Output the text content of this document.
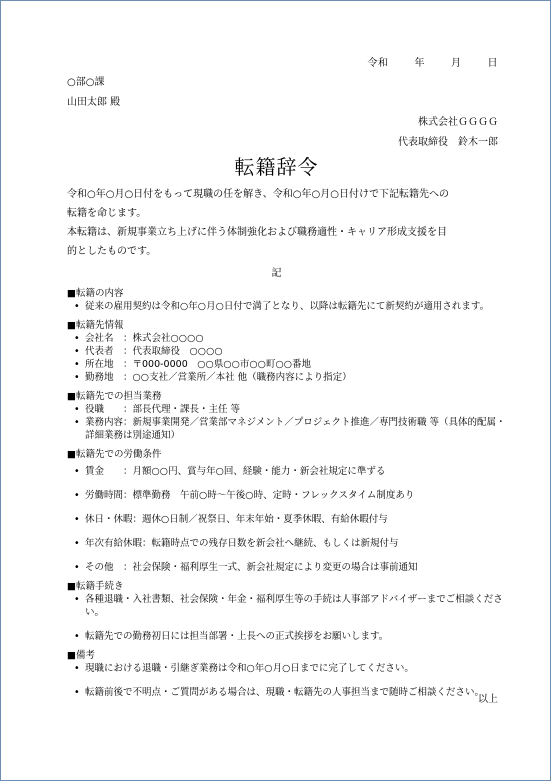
令和	年	月	日
○部○課
山田太郎 殿
株式会社ＧＧＧＧ
代表取締役　鈴木一郎
転籍辞令

令和○年○月○日付をもって現職の任を解き、令和○年○月○日付けで下記転籍先への

転籍を命じます。

本転籍は、新規事業立ち上げに伴う体制強化および職務適性・キャリア形成支援を目

的としたものです。

記

■転籍の内容

• 従来の雇用契約は令和○年○月○日付で満了となり、以降は転籍先にて新契約が適用されます。

■転籍先情報

• 会社名　：株式会社○○○○
• 代表者　：代表取締役　○○○○
• 所在地　：〒000-0000　○○県○○市○○町○○番地
• 勤務地　：○○支社／営業所／本社 他（職務内容により指定）

■転籍先での担当業務

• 役職　　：部長代理・課長・主任 等
• 業務内容：新規事業開発／営業部マネジメント／プロジェクト推進／専門技術職 等（具体的配属・詳細業務は別途通知）

■転籍先での労働条件

• 賃金　　：月額○○円、賞与年○回、経験・能力・新会社規定に準ずる
• 労働時間：標準勤務　午前○時～午後○時、定時・フレックスタイム制度あり
• 休日・休暇：週休○日制／祝祭日、年末年始・夏季休暇、有給休暇付与
• 年次有給休暇：転籍時点での残存日数を新会社へ継続、もしくは新規付与
• その他　：社会保険・福利厚生一式、新会社規定により変更の場合は事前通知

■転籍手続き

• 各種退職・入社書類、社会保険・年金・福利厚生等の手続は人事部アドバイザーまでご相談ください。
• 転籍先での勤務初日には担当部署・上長への正式挨拶をお願いします。

■備考

• 現職における退職・引継ぎ業務は令和○年○月○日までに完了してください。
• 転籍前後で不明点・ご質問がある場合は、現職・転籍先の人事担当まで随時ご相談ください。
以上
